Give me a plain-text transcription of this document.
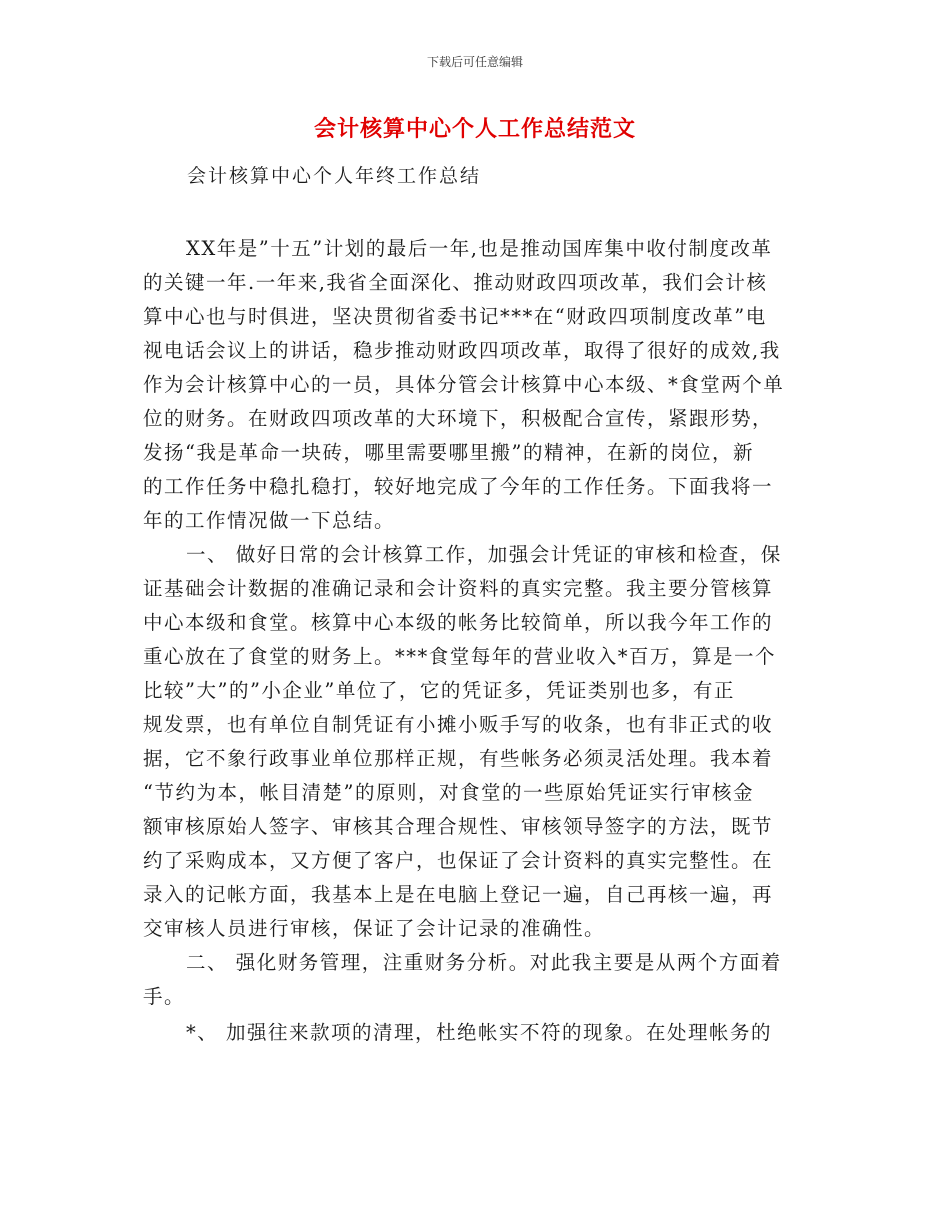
下载后可任意编辑
会计核算中心个人工作总结范文
会计核算中心个人年终工作总结
XX年是”十五”计划的最后一年,也是推动国库集中收付制度改革
的关键一年.一年来,我省全面深化、推动财政四项改革，我们会计核
算中心也与时俱进，坚决贯彻省委书记***在“财政四项制度改革”电
视电话会议上的讲话，稳步推动财政四项改革，取得了很好的成效,我
作为会计核算中心的一员，具体分管会计核算中心本级、*食堂两个单
位的财务。在财政四项改革的大环境下，积极配合宣传，紧跟形势，
发扬“我是革命一块砖，哪里需要哪里搬”的精神，在新的岗位，新
的工作任务中稳扎稳打，较好地完成了今年的工作任务。下面我将一
年的工作情况做一下总结。
一、 做好日常的会计核算工作，加强会计凭证的审核和检查，保
证基础会计数据的准确记录和会计资料的真实完整。我主要分管核算
中心本级和食堂。核算中心本级的帐务比较简单，所以我今年工作的
重心放在了食堂的财务上。***食堂每年的营业收入*百万，算是一个
比较”大”的”小企业”单位了，它的凭证多，凭证类别也多，有正
规发票，也有单位自制凭证有小摊小贩手写的收条，也有非正式的收
据，它不象行政事业单位那样正规，有些帐务必须灵活处理。我本着
“节约为本，帐目清楚”的原则，对食堂的一些原始凭证实行审核金
额审核原始人签字、审核其合理合规性、审核领导签字的方法，既节
约了采购成本，又方便了客户，也保证了会计资料的真实完整性。在
录入的记帐方面，我基本上是在电脑上登记一遍，自己再核一遍，再
交审核人员进行审核，保证了会计记录的准确性。
二、 强化财务管理，注重财务分析。对此我主要是从两个方面着
手。
*、 加强往来款项的清理，杜绝帐实不符的现象。在处理帐务的
